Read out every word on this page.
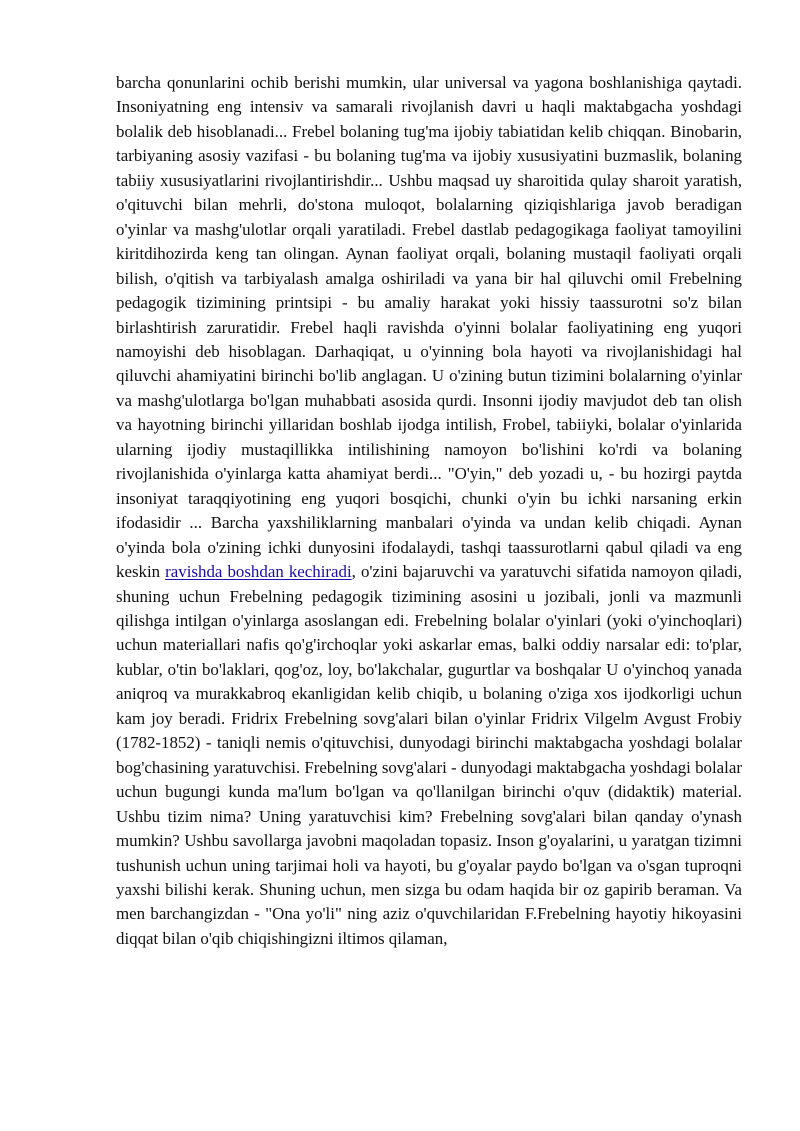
barcha qonunlarini ochib berishi mumkin, ular universal va yagona boshlanishiga qaytadi. Insoniyatning eng intensiv va samarali rivojlanish davri u haqli maktabgacha yoshdagi bolalik deb hisoblanadi... Frebel bolaning tug'ma ijobiy tabiatidan kelib chiqqan. Binobarin, tarbiyaning asosiy vazifasi - bu bolaning tug'ma va ijobiy xususiyatini buzmaslik, bolaning tabiiy xususiyatlarini rivojlantirishdir... Ushbu maqsad uy sharoitida qulay sharoit yaratish, o'qituvchi bilan mehrli, do'stona muloqot, bolalarning qiziqishlariga javob beradigan o'yinlar va mashg'ulotlar orqali yaratiladi. Frebel dastlab pedagogikaga faoliyat tamoyilini kiritdihozirda keng tan olingan. Aynan faoliyat orqali, bolaning mustaqil faoliyati orqali bilish, o'qitish va tarbiyalash amalga oshiriladi va yana bir hal qiluvchi omil Frebelning pedagogik tizimining printsipi - bu amaliy harakat yoki hissiy taassurotni so'z bilan birlashtirish zaruratidir. Frebel haqli ravishda o'yinni bolalar faoliyatining eng yuqori namoyishi deb hisoblagan. Darhaqiqat, u o'yinning bola hayoti va rivojlanishidagi hal qiluvchi ahamiyatini birinchi bo'lib anglagan. U o'zining butun tizimini bolalarning o'yinlar va mashg'ulotlarga bo'lgan muhabbati asosida qurdi. Insonni ijodiy mavjudot deb tan olish va hayotning birinchi yillaridan boshlab ijodga intilish, Frobel, tabiiyki, bolalar o'yinlarida ularning ijodiy mustaqillikka intilishining namoyon bo'lishini ko'rdi va bolaning rivojlanishida o'yinlarga katta ahamiyat berdi... "O'yin," deb yozadi u, - bu hozirgi paytda insoniyat taraqqiyotining eng yuqori bosqichi, chunki o'yin bu ichki narsaning erkin ifodasidir ... Barcha yaxshiliklarning manbalari o'yinda va undan kelib chiqadi. Aynan o'yinda bola o'zining ichki dunyosini ifodalaydi, tashqi taassurotlarni qabul qiladi va eng keskin ravishda boshdan kechiradi, o'zini bajaruvchi va yaratuvchi sifatida namoyon qiladi, shuning uchun Frebelning pedagogik tizimining asosini u jozibali, jonli va mazmunli qilishga intilgan o'yinlarga asoslangan edi. Frebelning bolalar o'yinlari (yoki o'yinchoqlari) uchun materiallari nafis qo'g'irchoqlar yoki askarlar emas, balki oddiy narsalar edi: to'plar, kublar, o'tin bo'laklari, qog'oz, loy, bo'lakchalar, gugurtlar va boshqalar U o'yinchoq yanada aniqroq va murakkabroq ekanligidan kelib chiqib, u bolaning o'ziga xos ijodkorligi uchun kam joy beradi. Fridrix Frebelning sovg'alari bilan o'yinlar Fridrix Vilgelm Avgust Frobiy (1782-1852) - taniqli nemis o'qituvchisi, dunyodagi birinchi maktabgacha yoshdagi bolalar bog'chasining yaratuvchisi. Frebelning sovg'alari - dunyodagi maktabgacha yoshdagi bolalar uchun bugungi kunda ma'lum bo'lgan va qo'llanilgan birinchi o'quv (didaktik) material. Ushbu tizim nima? Uning yaratuvchisi kim? Frebelning sovg'alari bilan qanday o'ynash mumkin? Ushbu savollarga javobni maqoladan topasiz. Inson g'oyalarini, u yaratgan tizimni tushunish uchun uning tarjimai holi va hayoti, bu g'oyalar paydo bo'lgan va o'sgan tuproqni yaxshi bilishi kerak. Shuning uchun, men sizga bu odam haqida bir oz gapirib beraman. Va men barchangizdan - "Ona yo'li" ning aziz o'quvchilaridan F.Frebelning hayotiy hikoyasini diqqat bilan o'qib chiqishingizni iltimos qilaman,
